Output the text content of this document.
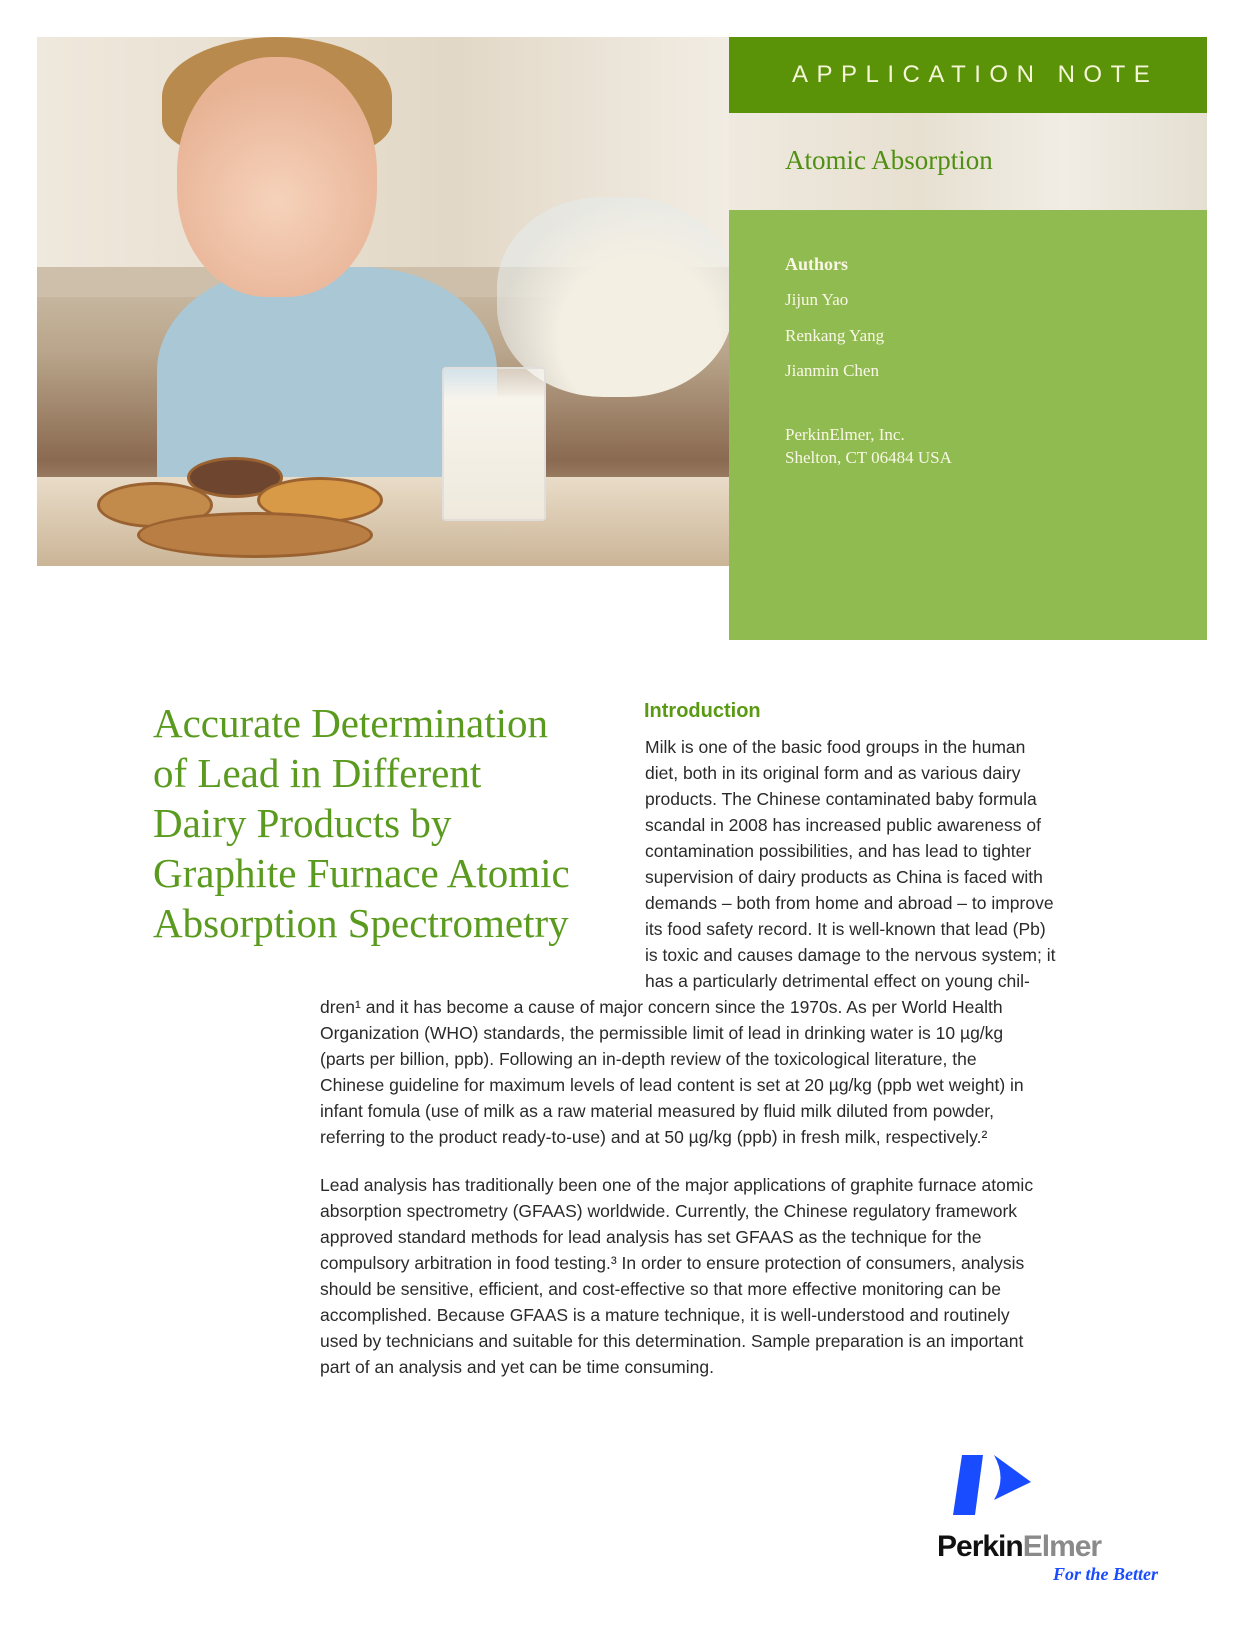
APPLICATION NOTE
Atomic Absorption
Authors
Jijun Yao
Renkang Yang
Jianmin Chen
PerkinElmer, Inc.
Shelton, CT 06484 USA
Accurate Determination
of Lead in Different
Dairy Products by
Graphite Furnace Atomic
Absorption Spectrometry
Introduction
Milk is one of the basic food groups in the human
diet, both in its original form and as various dairy
products. The Chinese contaminated baby formula
scandal in 2008 has increased public awareness of
contamination possibilities, and has lead to tighter
supervision of dairy products as China is faced with
demands – both from home and abroad – to improve
its food safety record. It is well-known that lead (Pb)
is toxic and causes damage to the nervous system; it
has a particularly detrimental effect on young chil-
dren¹ and it has become a cause of major concern since the 1970s. As per World Health
Organization (WHO) standards, the permissible limit of lead in drinking water is 10 µg/kg
(parts per billion, ppb). Following an in-depth review of the toxicological literature, the
Chinese guideline for maximum levels of lead content is set at 20 µg/kg (ppb wet weight) in
infant fomula (use of milk as a raw material measured by fluid milk diluted from powder,
referring to the product ready-to-use) and at 50 µg/kg (ppb) in fresh milk, respectively.²
Lead analysis has traditionally been one of the major applications of graphite furnace atomic
absorption spectrometry (GFAAS) worldwide. Currently, the Chinese regulatory framework
approved standard methods for lead analysis has set GFAAS as the technique for the
compulsory arbitration in food testing.³ In order to ensure protection of consumers, analysis
should be sensitive, efficient, and cost-effective so that more effective monitoring can be
accomplished. Because GFAAS is a mature technique, it is well-understood and routinely
used by technicians and suitable for this determination. Sample preparation is an important
part of an analysis and yet can be time consuming.
PerkinElmer
For the Better
